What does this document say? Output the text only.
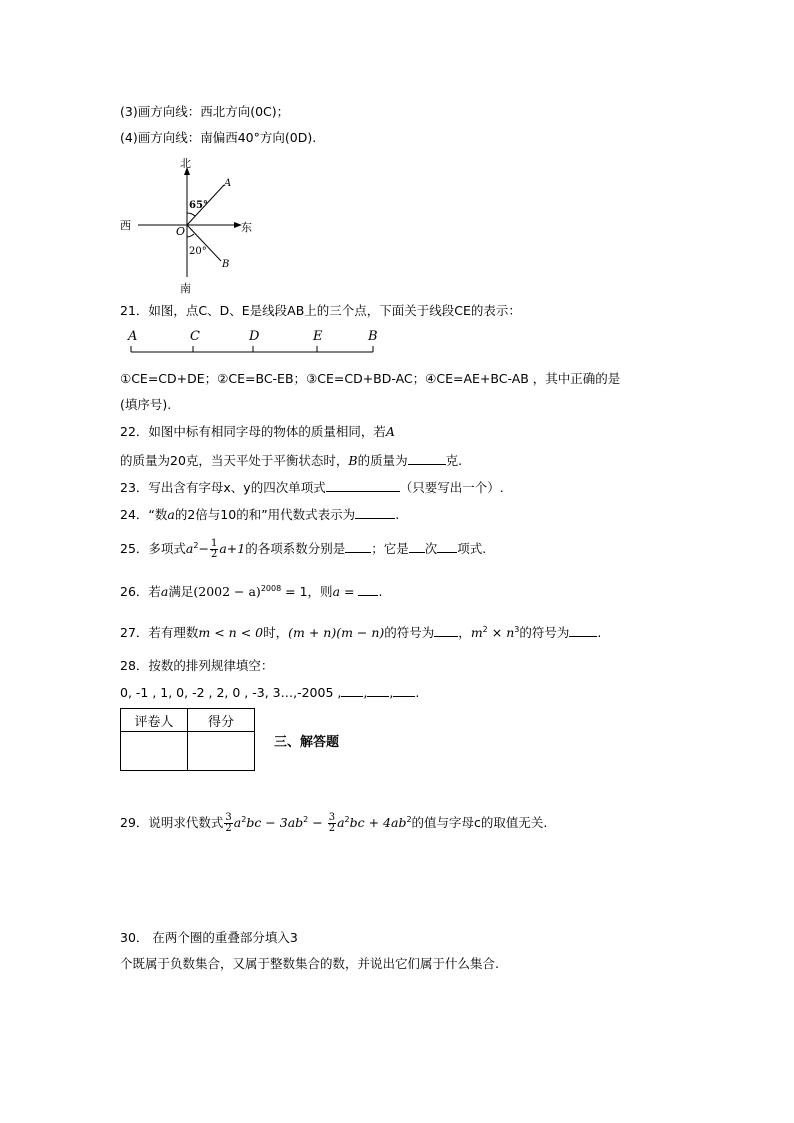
(3)画方向线：西北方向(0C)；
(4)画方向线：南偏西40°方向(0D).
北
南
西	东
O
A
B
65°
20°
21．如图，点C、D、E是线段AB上的三个点，下面关于线段CE的表示：
A	C	D	E	B
①CE=CD+DE；②CE=BC-EB；③CE=CD+BD-AC；④CE=AE+BC-AB ，其中正确的是
(填序号).
22．如图中标有相同字母的物体的质量相同，若A
的质量为20克，当天平处于平衡状态时，B的质量为	克.
23．写出含有字母x、y的四次单项式	（只要写出一个）.
24．“数a的2倍与10的和”用代数式表示为	.
25．多项式$a^2- \frac{1}{2} a+1$的各项系数分别是 ；它是 次 项式.
26．若a满足$(2002 - a)^{2008} = 1$，则a = .
27．若有理数m < n < 0时，(m + n)(m − n)的符号为 ，$m^2 \times n^3$的符号为 .
28．按数的排列规律填空：
0, -1 , 1, 0, -2 , 2, 0 , -3, 3…,-2005 , , , .
评卷人	得分

三、解答题
29．说明求代数式 $\frac{3}{2} a^2bc - 3ab^2 - \frac{3}{2} a^2bc + 4ab^2$的值与字母c的取值无关.
30． 在两个圈的重叠部分填入3
个既属于负数集合，又属于整数集合的数，并说出它们属于什么集合.
